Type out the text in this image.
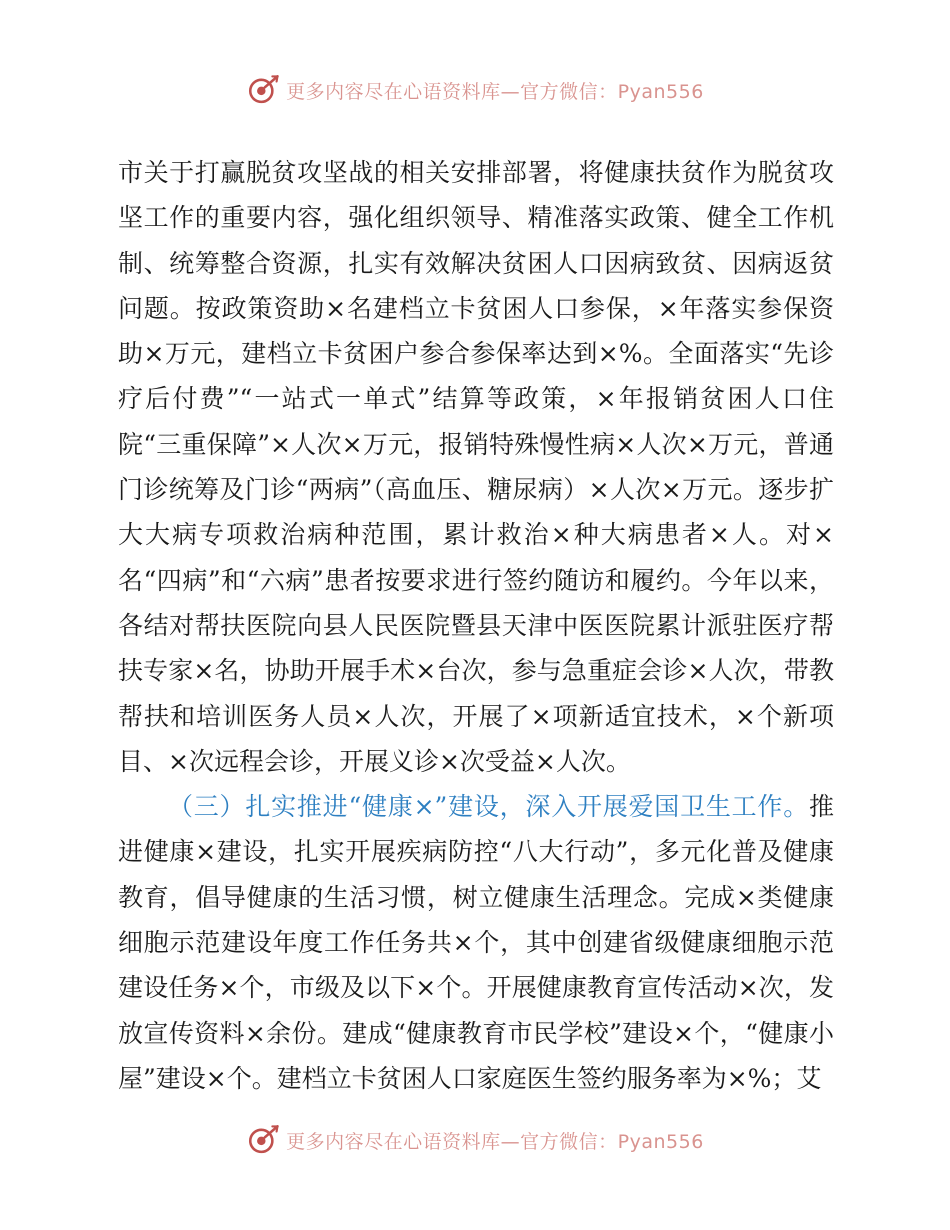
更多内容尽在心语资料库—官方微信：Pyan556

市关于打赢脱贫攻坚战的相关安排部署，将健康扶贫作为脱贫攻坚工作的重要内容，强化组织领导、精准落实政策、健全工作机制、统筹整合资源，扎实有效解决贫困人口因病致贫、因病返贫问题。按政策资助×名建档立卡贫困人口参保，×年落实参保资助×万元，建档立卡贫困户参合参保率达到×%。全面落实“先诊疗后付费”“一站式一单式”结算等政策，×年报销贫困人口住院“三重保障”×人次×万元，报销特殊慢性病×人次×万元，普通门诊统筹及门诊“两病”（高血压、糖尿病）×人次×万元。逐步扩大大病专项救治病种范围，累计救治×种大病患者×人。对×名“四病”和“六病”患者按要求进行签约随访和履约。今年以来，各结对帮扶医院向县人民医院暨县天津中医医院累计派驻医疗帮扶专家×名，协助开展手术×台次，参与急重症会诊×人次，带教帮扶和培训医务人员×人次，开展了×项新适宜技术，×个新项目、×次远程会诊，开展义诊×次受益×人次。

（三）扎实推进“健康×”建设，深入开展爱国卫生工作。推进健康×建设，扎实开展疾病防控“八大行动”，多元化普及健康教育，倡导健康的生活习惯，树立健康生活理念。完成×类健康细胞示范建设年度工作任务共×个，其中创建省级健康细胞示范建设任务×个，市级及以下×个。开展健康教育宣传活动×次，发放宣传资料×余份。建成“健康教育市民学校”建设×个，“健康小屋”建设×个。建档立卡贫困人口家庭医生签约服务率为×%；艾

更多内容尽在心语资料库—官方微信：Pyan556
